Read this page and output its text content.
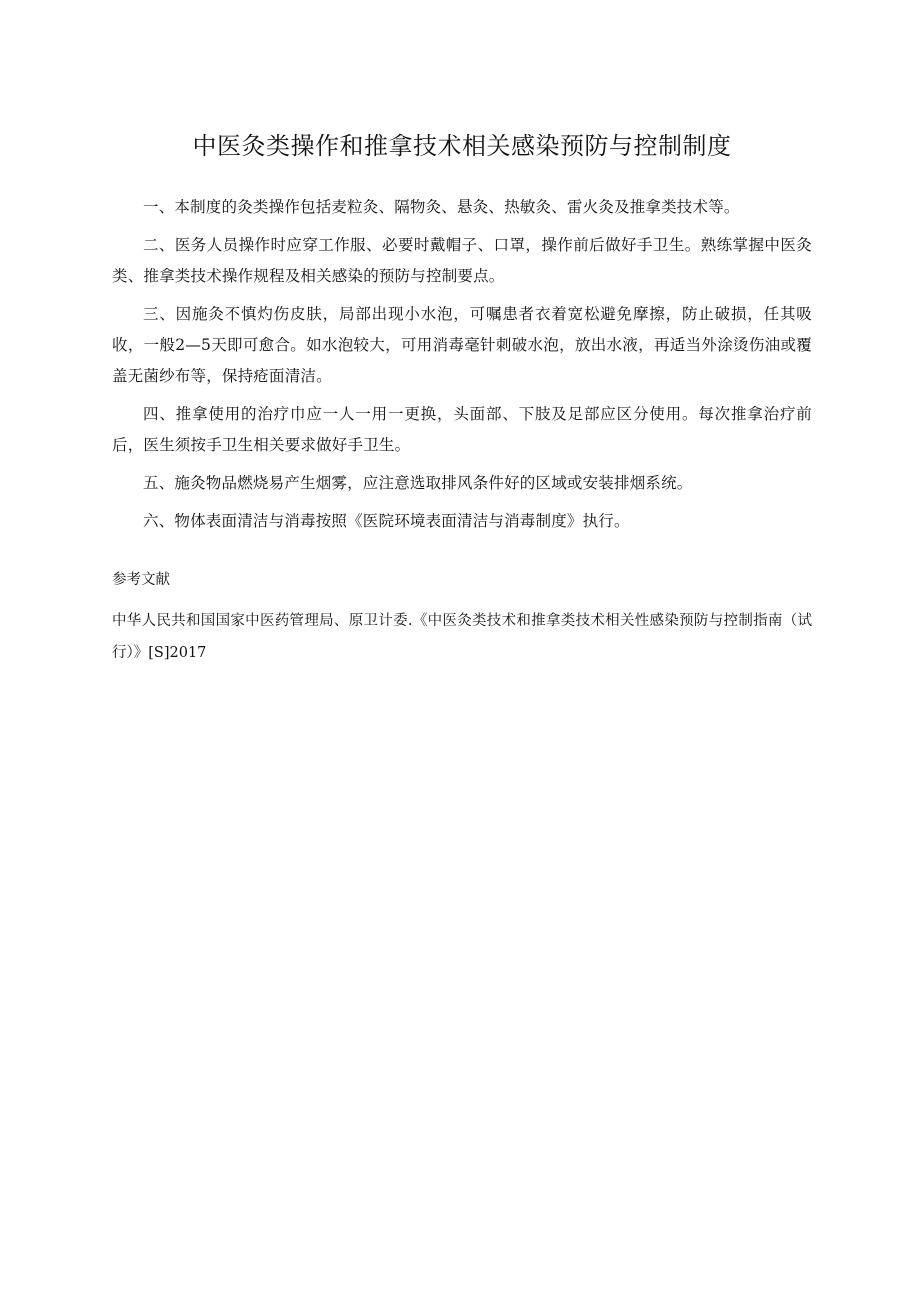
中医灸类操作和推拿技术相关感染预防与控制制度

一、本制度的灸类操作包括麦粒灸、隔物灸、悬灸、热敏灸、雷火灸及推拿类技术等。

二、医务人员操作时应穿工作服、必要时戴帽子、口罩，操作前后做好手卫生。熟练掌握中医灸类、推拿类技术操作规程及相关感染的预防与控制要点。

三、因施灸不慎灼伤皮肤，局部出现小水泡，可嘱患者衣着宽松避免摩擦，防止破损，任其吸收，一般2—5天即可愈合。如水泡较大，可用消毒毫针刺破水泡，放出水液，再适当外涂烫伤油或覆盖无菌纱布等，保持疮面清洁。

四、推拿使用的治疗巾应一人一用一更换，头面部、下肢及足部应区分使用。每次推拿治疗前后，医生须按手卫生相关要求做好手卫生。

五、施灸物品燃烧易产生烟雾，应注意选取排风条件好的区域或安装排烟系统。

六、物体表面清洁与消毒按照《医院环境表面清洁与消毒制度》执行。

参考文献

中华人民共和国国家中医药管理局、原卫计委.《中医灸类技术和推拿类技术相关性感染预防与控制指南（试行）》[S]2017
